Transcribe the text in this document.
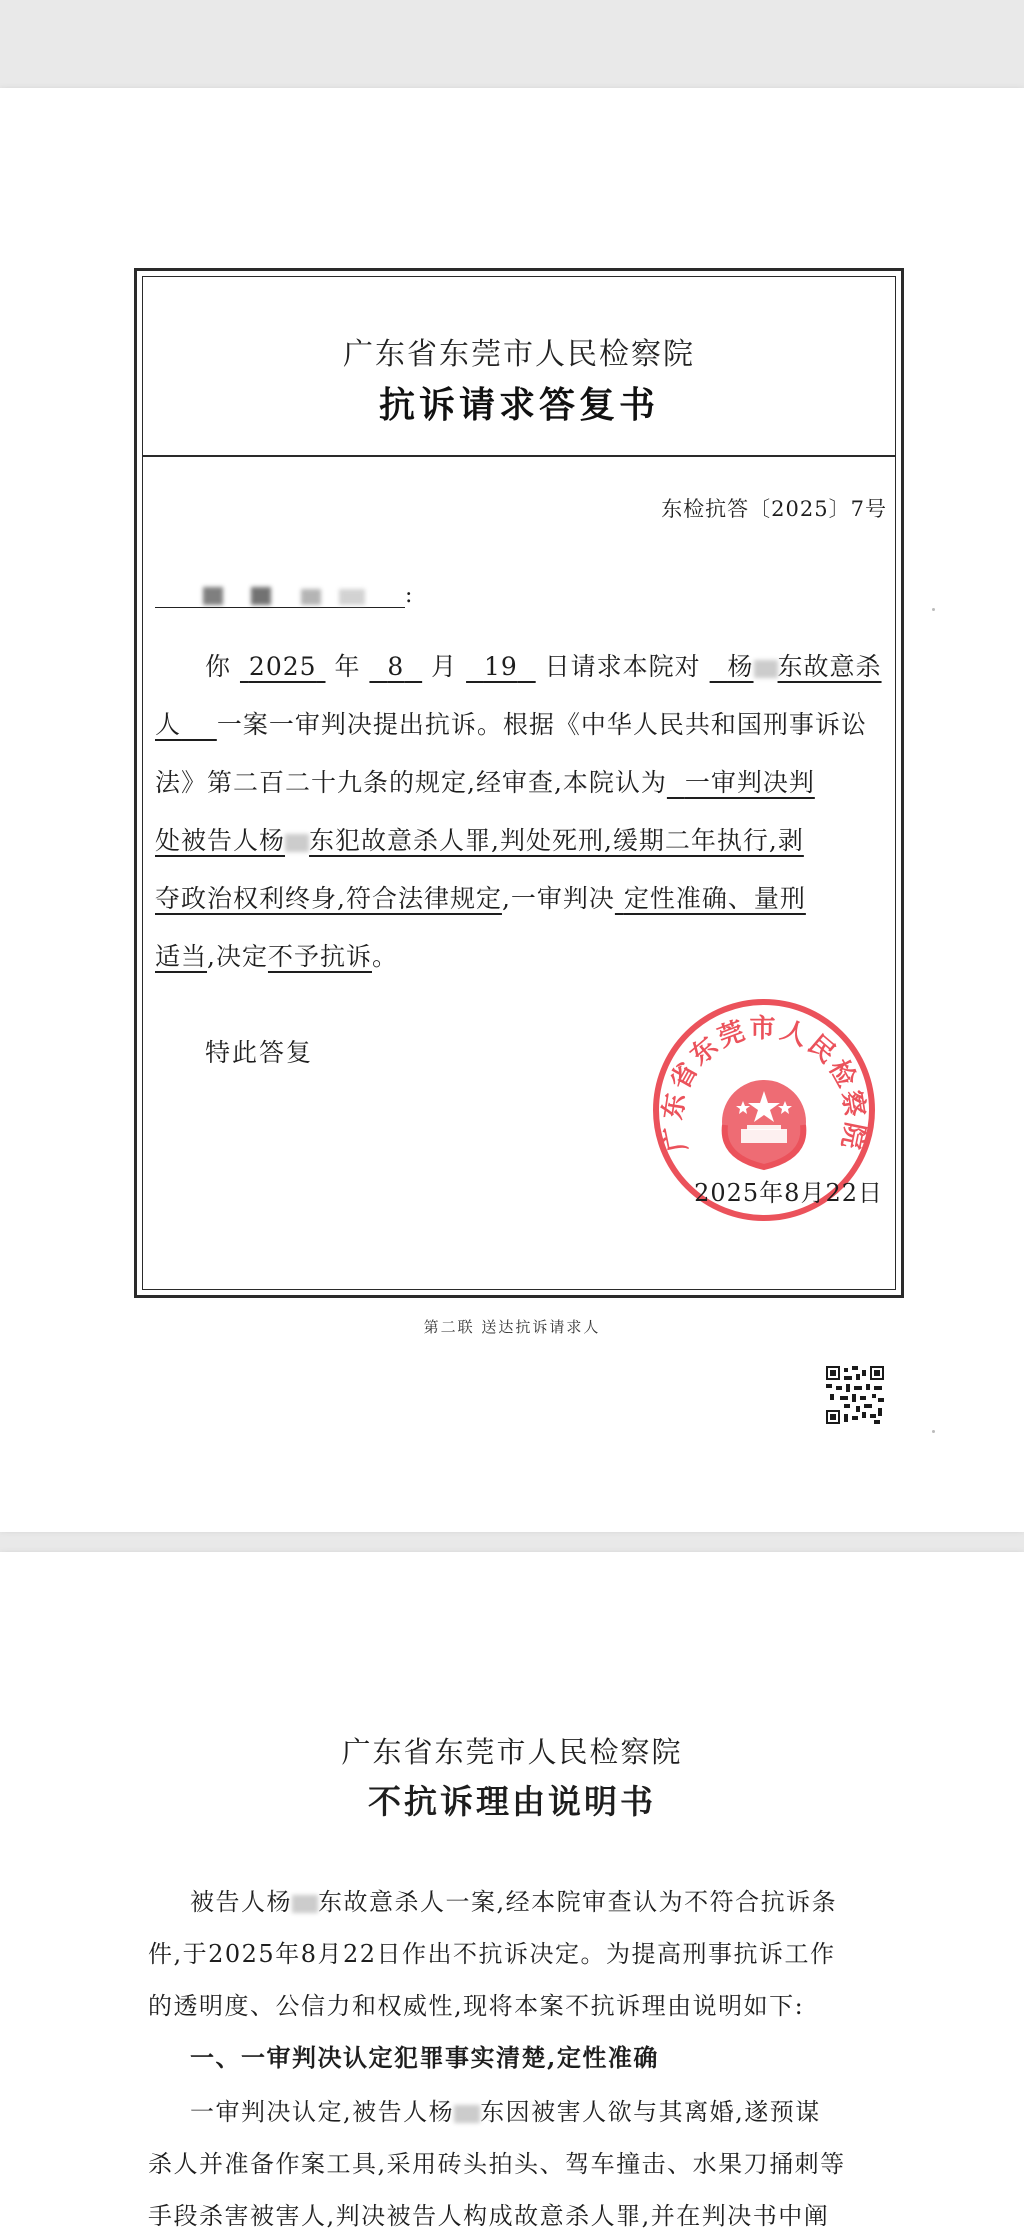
广东省东莞市人民检察院
抗诉请求答复书
东检抗答〔2025〕7号
:
你 2025 年 8 月 19 日请求本院对 杨 东故意杀
人 一案一审判决提出抗诉。根据《中华人民共和国刑事诉讼
法》第二百二十九条的规定,经审查,本院认为 一审判决判
处被告人杨 东犯故意杀人罪,判处死刑,缓期二年执行,剥
夺政治权利终身,符合法律规定,一审判决 定性准确、量刑
适当,决定不予抗诉。
特此答复
广东省东莞市人民检察院
2025年8月22日
第二联 送达抗诉请求人
广东省东莞市人民检察院
不抗诉理由说明书
被告人杨 东故意杀人一案,经本院审查认为不符合抗诉条
件,于2025年8月22日作出不抗诉决定。为提高刑事抗诉工作
的透明度、公信力和权威性,现将本案不抗诉理由说明如下:
一、一审判决认定犯罪事实清楚,定性准确
一审判决认定,被告人杨 东因被害人欲与其离婚,遂预谋
杀人并准备作案工具,采用砖头拍头、驾车撞击、水果刀捅刺等
手段杀害被害人,判决被告人构成故意杀人罪,并在判决书中阐
